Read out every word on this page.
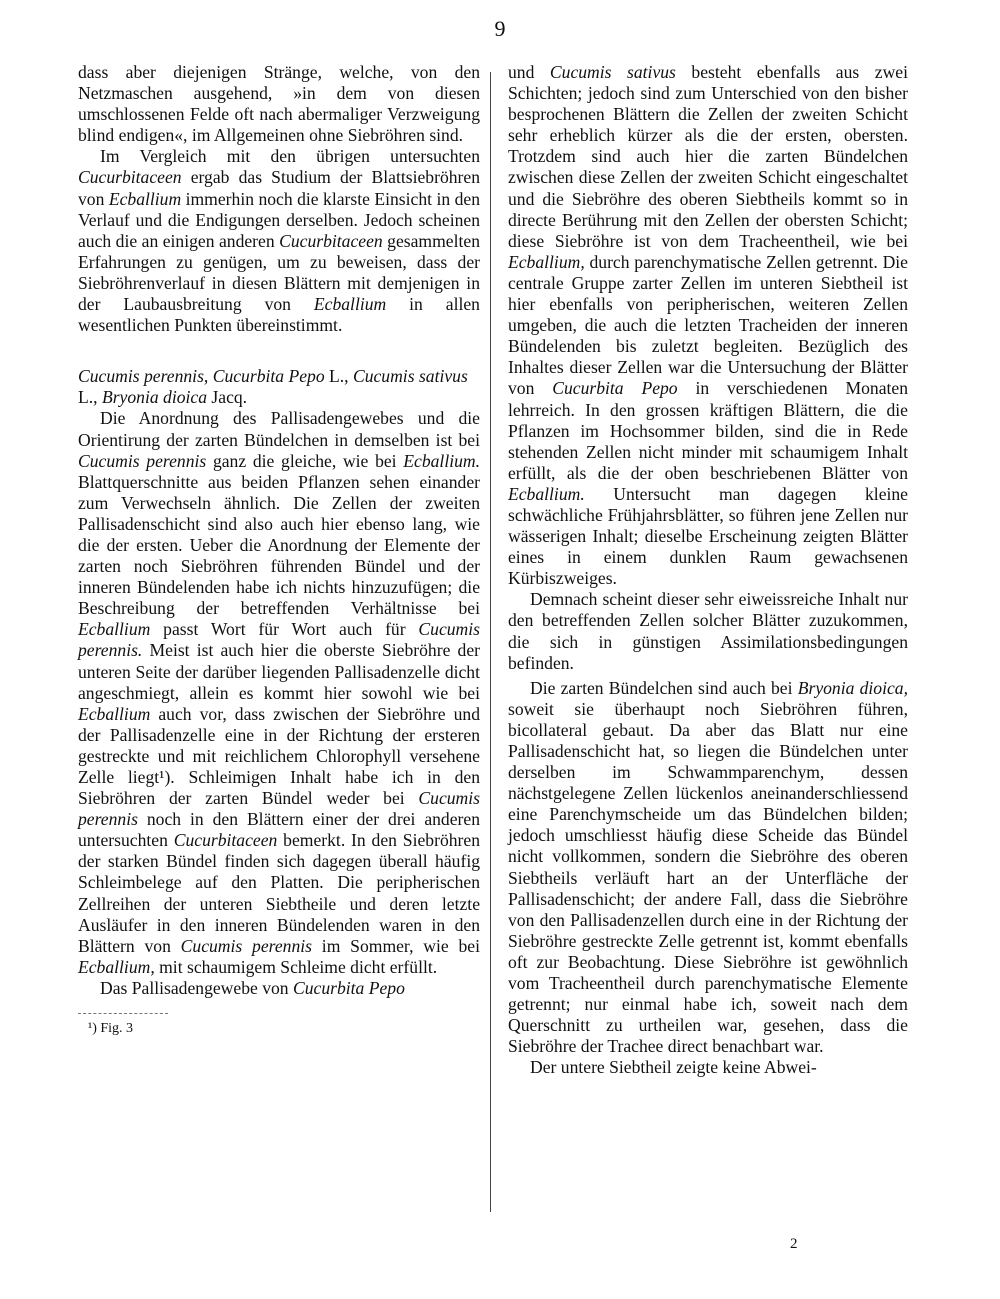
9

dass aber diejenigen Stränge, welche, von den Netzmaschen ausgehend, »in dem von diesen umschlossenen Felde oft nach abermaliger Verzweigung blind endigen«, im Allgemeinen ohne Siebröhren sind.

Im Vergleich mit den übrigen untersuchten Cucurbitaceen ergab das Studium der Blattsiebröhren von Ecballium immerhin noch die klarste Einsicht in den Verlauf und die Endigungen derselben. Jedoch scheinen auch die an einigen anderen Cucurbitaceen gesammelten Erfahrungen zu genügen, um zu beweisen, dass der Siebröhrenverlauf in diesen Blättern mit demjenigen in der Laubausbreitung von Ecballium in allen wesentlichen Punkten übereinstimmt.

Cucumis perennis, Cucurbita Pepo L., Cucumis sativus L., Bryonia dioica Jacq.

Die Anordnung des Pallisadengewebes und die Orientirung der zarten Bündelchen in demselben ist bei Cucumis perennis ganz die gleiche, wie bei Ecballium. Blattquerschnitte aus beiden Pflanzen sehen einander zum Verwechseln ähnlich. Die Zellen der zweiten Pallisadenschicht sind also auch hier ebenso lang, wie die der ersten. Ueber die Anordnung der Elemente der zarten noch Siebröhren führenden Bündel und der inneren Bündelenden habe ich nichts hinzuzufügen; die Beschreibung der betreffenden Verhältnisse bei Ecballium passt Wort für Wort auch für Cucumis perennis. Meist ist auch hier die oberste Siebröhre der unteren Seite der darüber liegenden Pallisadenzelle dicht angeschmiegt, allein es kommt hier sowohl wie bei Ecballium auch vor, dass zwischen der Siebröhre und der Pallisadenzelle eine in der Richtung der ersteren gestreckte und mit reichlichem Chlorophyll versehene Zelle liegt¹). Schleimigen Inhalt habe ich in den Siebröhren der zarten Bündel weder bei Cucumis perennis noch in den Blättern einer der drei anderen untersuchten Cucurbitaceen bemerkt. In den Siebröhren der starken Bündel finden sich dagegen überall häufig Schleimbelege auf den Platten. Die peripherischen Zellreihen der unteren Siebtheile und deren letzte Ausläufer in den inneren Bündelenden waren in den Blättern von Cucumis perennis im Sommer, wie bei Ecballium, mit schaumigem Schleime dicht erfüllt.

Das Pallisadengewebe von Cucurbita Pepo

¹) Fig. 3

und Cucumis sativus besteht ebenfalls aus zwei Schichten; jedoch sind zum Unterschied von den bisher besprochenen Blättern die Zellen der zweiten Schicht sehr erheblich kürzer als die der ersten, obersten. Trotzdem sind auch hier die zarten Bündelchen zwischen diese Zellen der zweiten Schicht eingeschaltet und die Siebröhre des oberen Siebtheils kommt so in directe Berührung mit den Zellen der obersten Schicht; diese Siebröhre ist von dem Tracheentheil, wie bei Ecballium, durch parenchymatische Zellen getrennt. Die centrale Gruppe zarter Zellen im unteren Siebtheil ist hier ebenfalls von peripherischen, weiteren Zellen umgeben, die auch die letzten Tracheiden der inneren Bündelenden bis zuletzt begleiten. Bezüglich des Inhaltes dieser Zellen war die Untersuchung der Blätter von Cucurbita Pepo in verschiedenen Monaten lehrreich. In den grossen kräftigen Blättern, die die Pflanzen im Hochsommer bilden, sind die in Rede stehenden Zellen nicht minder mit schaumigem Inhalt erfüllt, als die der oben beschriebenen Blätter von Ecballium. Untersucht man dagegen kleine schwächliche Frühjahrsblätter, so führen jene Zellen nur wässerigen Inhalt; dieselbe Erscheinung zeigten Blätter eines in einem dunklen Raum gewachsenen Kürbiszweiges.

Demnach scheint dieser sehr eiweissreiche Inhalt nur den betreffenden Zellen solcher Blätter zuzukommen, die sich in günstigen Assimilationsbedingungen befinden.

Die zarten Bündelchen sind auch bei Bryonia dioica, soweit sie überhaupt noch Siebröhren führen, bicollateral gebaut. Da aber das Blatt nur eine Pallisadenschicht hat, so liegen die Bündelchen unter derselben im Schwammparenchym, dessen nächstgelegene Zellen lückenlos aneinanderschliessend eine Parenchymscheide um das Bündelchen bilden; jedoch umschliesst häufig diese Scheide das Bündel nicht vollkommen, sondern die Siebröhre des oberen Siebtheils verläuft hart an der Unterfläche der Pallisadenschicht; der andere Fall, dass die Siebröhre von den Pallisadenzellen durch eine in der Richtung der Siebröhre gestreckte Zelle getrennt ist, kommt ebenfalls oft zur Beobachtung. Diese Siebröhre ist gewöhnlich vom Tracheentheil durch parenchymatische Elemente getrennt; nur einmal habe ich, soweit nach dem Querschnitt zu urtheilen war, gesehen, dass die Siebröhre der Trachee direct benachbart war.

Der untere Siebtheil zeigte keine Abwei-

2
